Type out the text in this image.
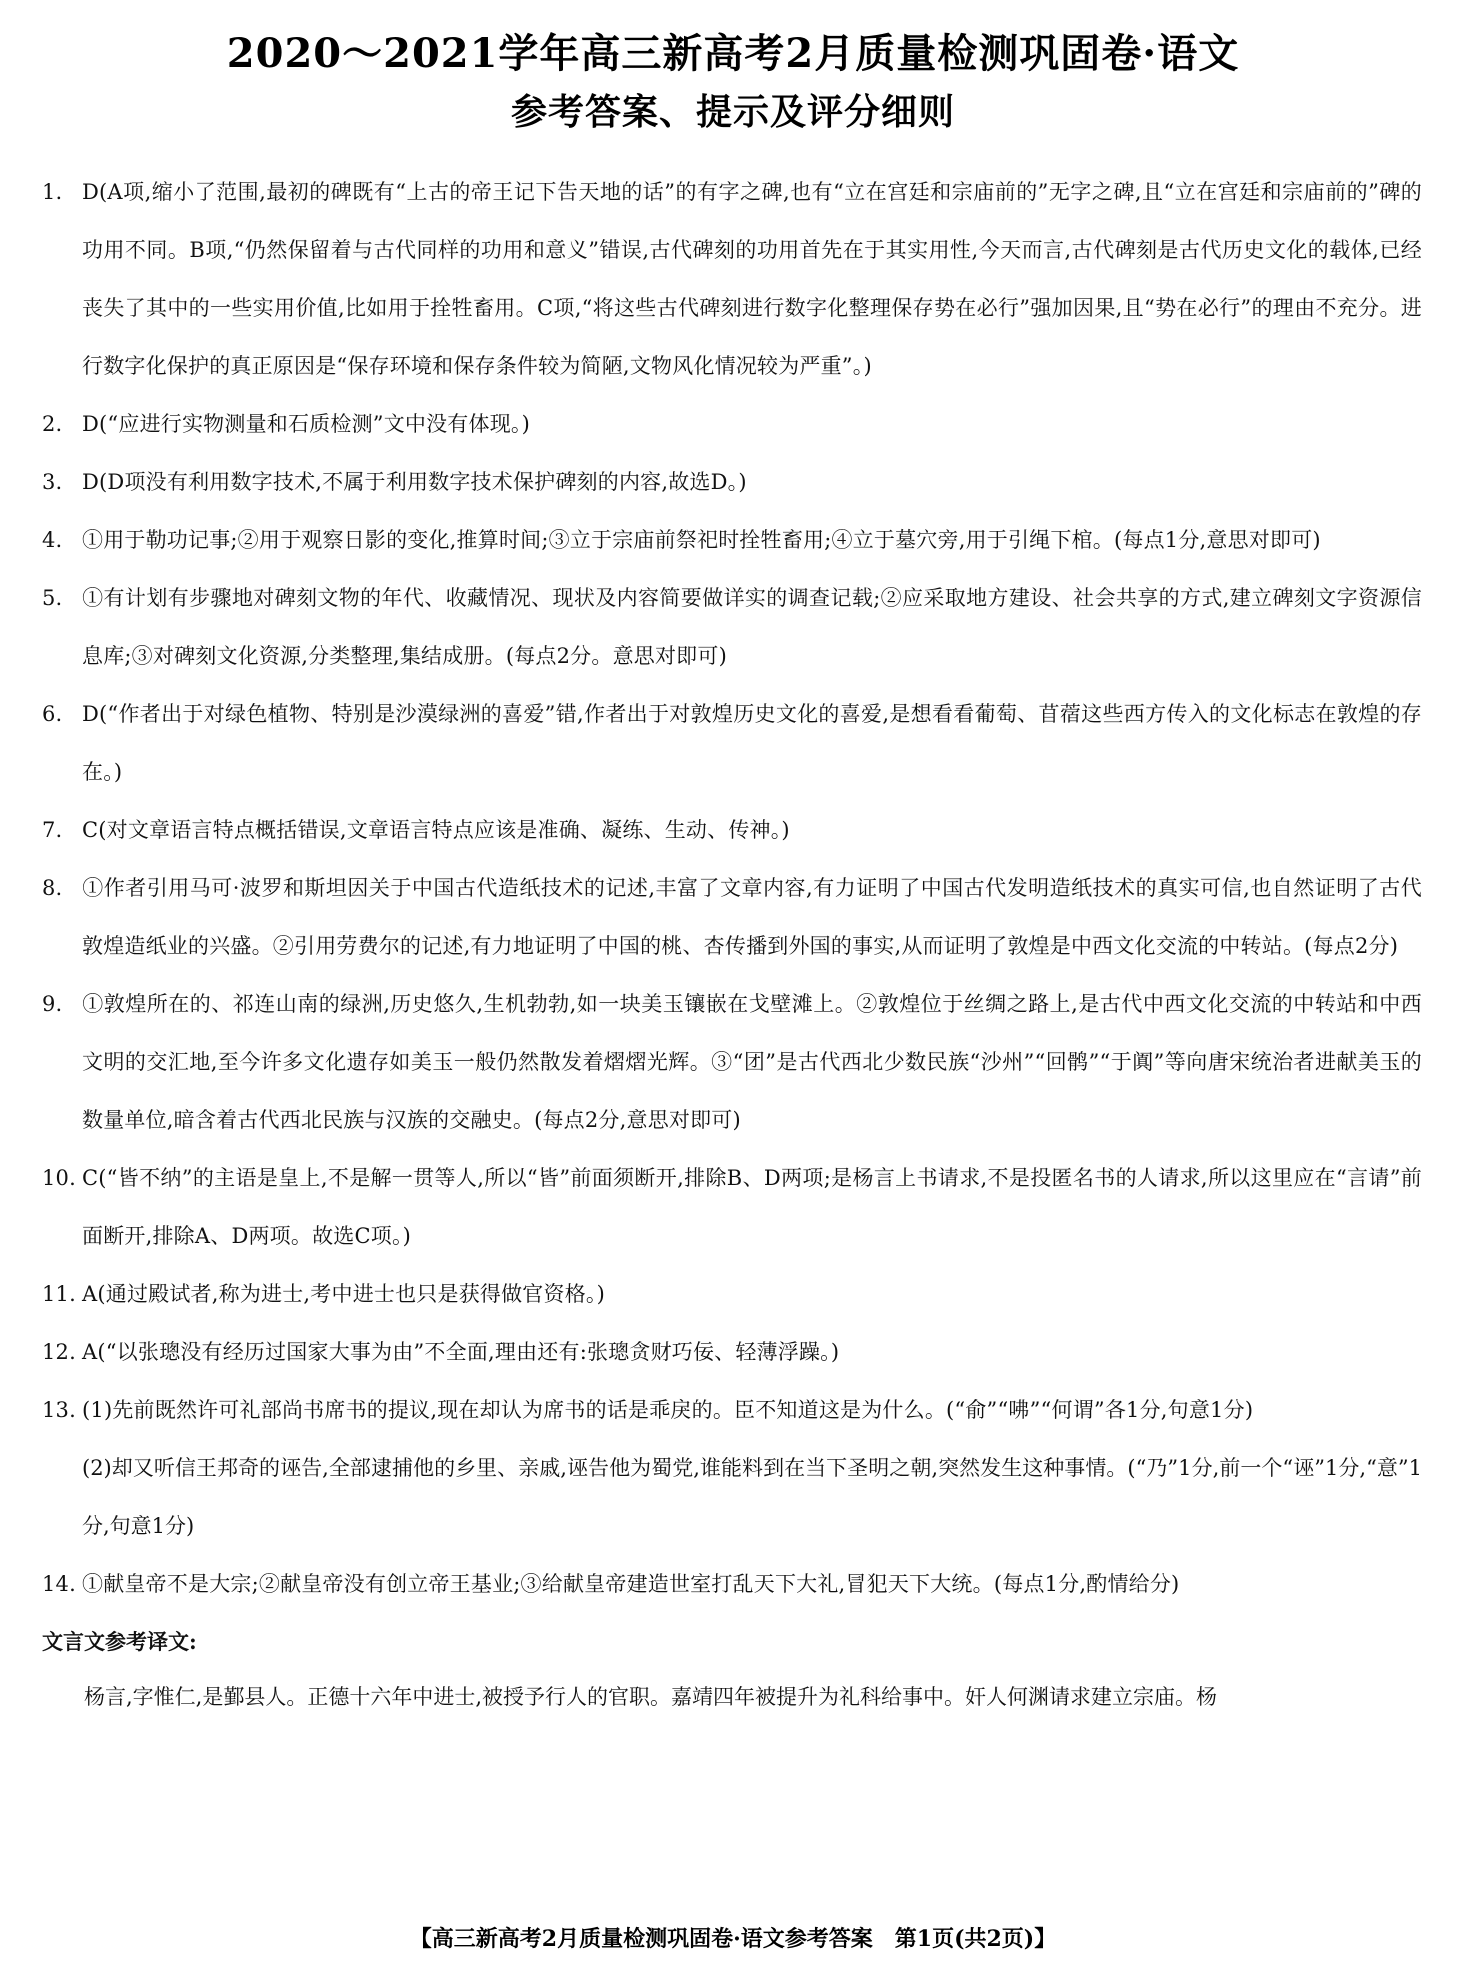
2020～2021学年高三新高考2月质量检测巩固卷·语文
参考答案、提示及评分细则
1. D(A项,缩小了范围,最初的碑既有“上古的帝王记下告天地的话”的有字之碑,也有“立在宫廷和宗庙前的”无字之碑,且“立在宫廷和宗庙前的”碑的功用不同。B项,“仍然保留着与古代同样的功用和意义”错误,古代碑刻的功用首先在于其实用性,今天而言,古代碑刻是古代历史文化的载体,已经丧失了其中的一些实用价值,比如用于拴牲畜用。C项,“将这些古代碑刻进行数字化整理保存势在必行”强加因果,且“势在必行”的理由不充分。进行数字化保护的真正原因是“保存环境和保存条件较为简陋,文物风化情况较为严重”。)
2. D(“应进行实物测量和石质检测”文中没有体现。)
3. D(D项没有利用数字技术,不属于利用数字技术保护碑刻的内容,故选D。)
4. ①用于勒功记事;②用于观察日影的变化,推算时间;③立于宗庙前祭祀时拴牲畜用;④立于墓穴旁,用于引绳下棺。(每点1分,意思对即可)
5. ①有计划有步骤地对碑刻文物的年代、收藏情况、现状及内容简要做详实的调查记载;②应采取地方建设、社会共享的方式,建立碑刻文字资源信息库;③对碑刻文化资源,分类整理,集结成册。(每点2分。意思对即可)
6. D(“作者出于对绿色植物、特别是沙漠绿洲的喜爱”错,作者出于对敦煌历史文化的喜爱,是想看看葡萄、苜蓿这些西方传入的文化标志在敦煌的存在。)
7. C(对文章语言特点概括错误,文章语言特点应该是准确、凝练、生动、传神。)
8. ①作者引用马可·波罗和斯坦因关于中国古代造纸技术的记述,丰富了文章内容,有力证明了中国古代发明造纸技术的真实可信,也自然证明了古代敦煌造纸业的兴盛。②引用劳费尔的记述,有力地证明了中国的桃、杏传播到外国的事实,从而证明了敦煌是中西文化交流的中转站。(每点2分)
9. ①敦煌所在的、祁连山南的绿洲,历史悠久,生机勃勃,如一块美玉镶嵌在戈壁滩上。②敦煌位于丝绸之路上,是古代中西文化交流的中转站和中西文明的交汇地,至今许多文化遗存如美玉一般仍然散发着熠熠光辉。③“团”是古代西北少数民族“沙州”“回鹘”“于阗”等向唐宋统治者进献美玉的数量单位,暗含着古代西北民族与汉族的交融史。(每点2分,意思对即可)
10. C(“皆不纳”的主语是皇上,不是解一贯等人,所以“皆”前面须断开,排除B、D两项;是杨言上书请求,不是投匿名书的人请求,所以这里应在“言请”前面断开,排除A、D两项。故选C项。)
11. A(通过殿试者,称为进士,考中进士也只是获得做官资格。)
12. A(“以张璁没有经历过国家大事为由”不全面,理由还有:张璁贪财巧佞、轻薄浮躁。)
13. (1)先前既然许可礼部尚书席书的提议,现在却认为席书的话是乖戾的。臣不知道这是为什么。(“俞”“咈”“何谓”各1分,句意1分)
(2)却又听信王邦奇的诬告,全部逮捕他的乡里、亲戚,诬告他为蜀党,谁能料到在当下圣明之朝,突然发生这种事情。(“乃”1分,前一个“诬”1分,“意”1分,句意1分)
14. ①献皇帝不是大宗;②献皇帝没有创立帝王基业;③给献皇帝建造世室打乱天下大礼,冒犯天下大统。(每点1分,酌情给分)
文言文参考译文:
杨言,字惟仁,是鄞县人。正德十六年中进士,被授予行人的官职。嘉靖四年被提升为礼科给事中。奸人何渊请求建立宗庙。杨
【高三新高考2月质量检测巩固卷·语文参考答案　第1页(共2页)】
